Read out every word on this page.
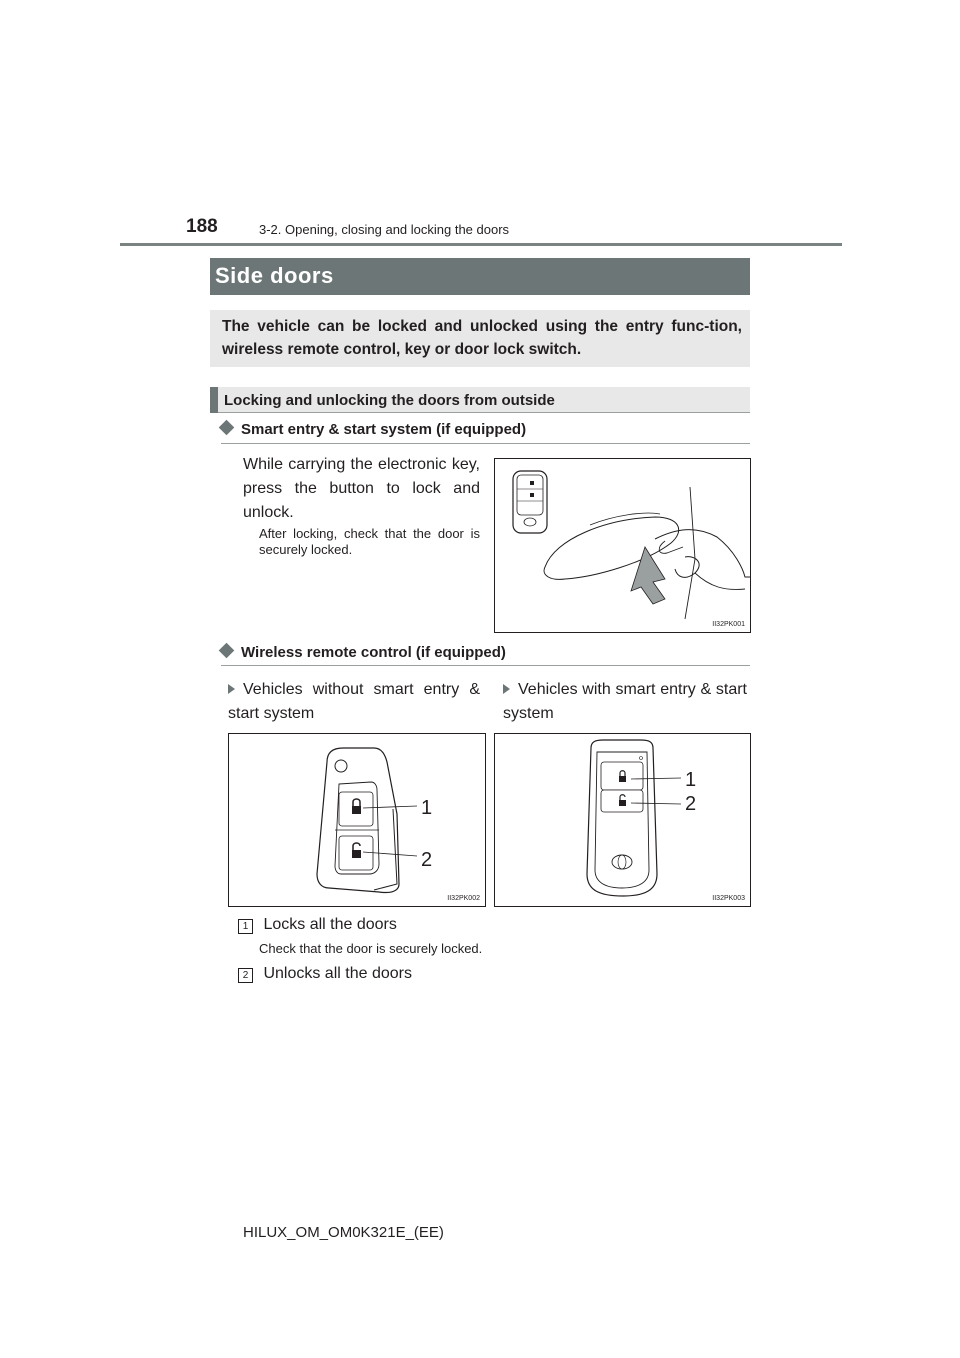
188	3-2. Opening, closing and locking the doors
Side doors
The vehicle can be locked and unlocked using the entry func-tion, wireless remote control, key or door lock switch.
Locking and unlocking the doors from outside
Smart entry & start system (if equipped)
While carrying the electronic key, press the button to lock and unlock.
After locking, check that the door is securely locked.
II32PK001
Wireless remote control (if equipped)
Vehicles without smart entry & start system
Vehicles with smart entry & start system
1
2
II32PK002
1
2
II32PK003
1 Locks all the doors
Check that the door is securely locked.
2 Unlocks all the doors
HILUX_OM_OM0K321E_(EE)
